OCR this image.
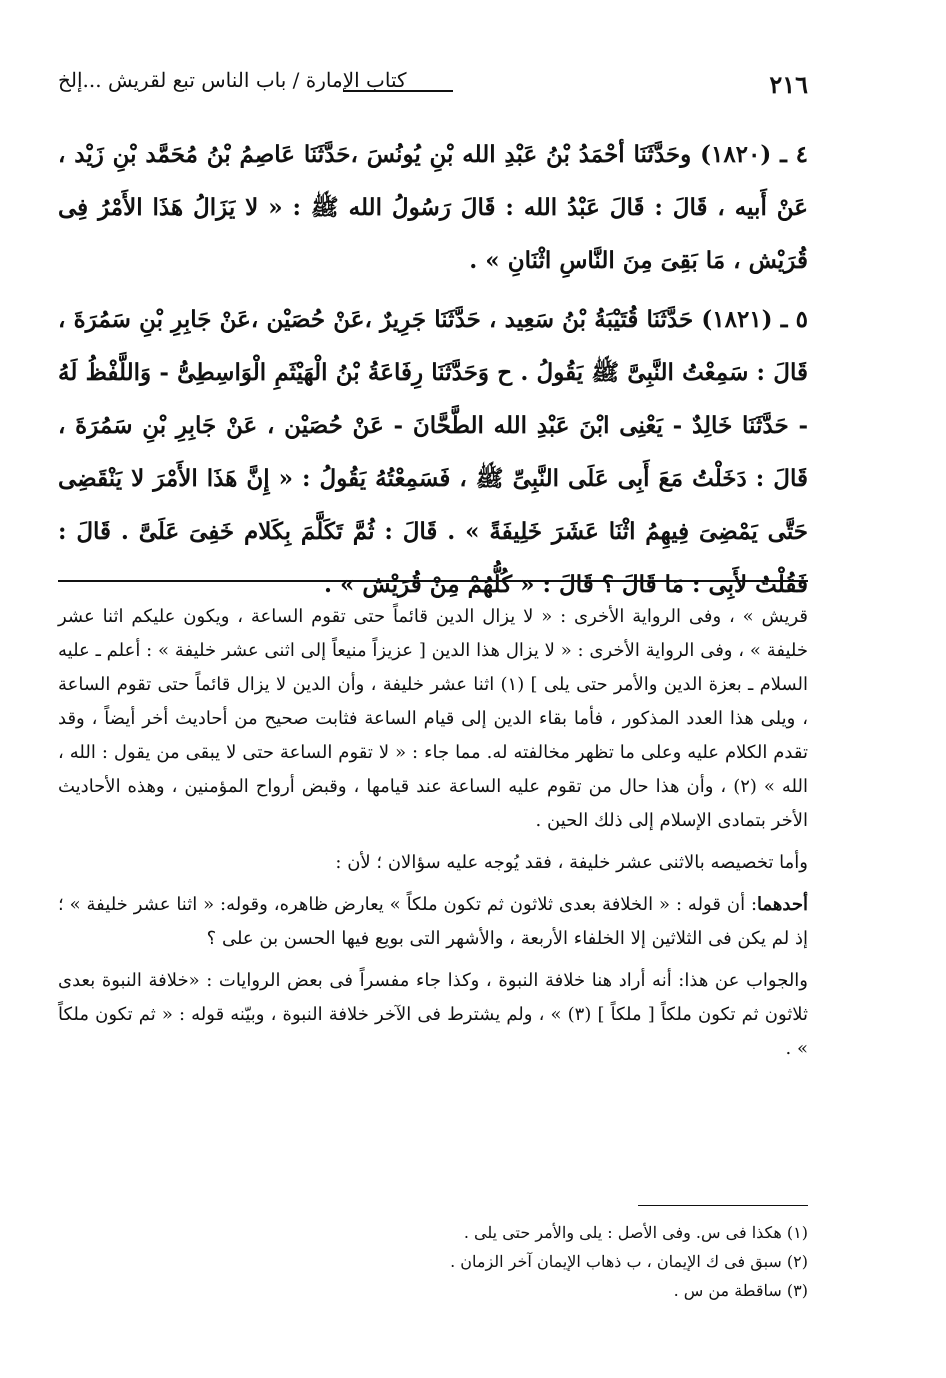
٢١٦
كتاب الإمارة / باب الناس تبع لقريش ...إلخ

٤ ـ (١٨٢٠) وحَدَّثَنَا أحْمَدُ بْنُ عَبْدِ الله بْنِ يُونُسَ ،حَدَّثَنَا عَاصِمُ بْنُ مُحَمَّد بْنِ زَيْد ، عَنْ أَبيه ، قَالَ : قَالَ عَبْدُ الله : قَالَ رَسُولُ الله ﷺ : « لا يَزَالُ هَذَا الأَمْرُ فِى قُرَيْش ، مَا بَقِىَ مِنَ النَّاسِ اثْنَانِ » .

٥ ـ (١٨٢١) حَدَّثَنَا قُتَيْبَةُ بْنُ سَعِيد ، حَدَّثَنَا جَرِيرٌ ،عَنْ حُصَيْن ،عَنْ جَابِرِ بْنِ سَمُرَةَ ، قَالَ : سَمِعْتُ النَّبِىَّ ﷺ يَقُولُ . ح وَحَدَّثَنَا رِفَاعَةُ بْنُ الْهَيْثَمِ الْوَاسِطِىُّ - وَاللَّفْظُ لَهُ - حَدَّثَنَا خَالِدٌ - يَعْنِى ابْنَ عَبْدِ الله الطَّحَّانَ - عَنْ حُصَيْن ، عَنْ جَابِرِ بْنِ سَمُرَةَ ، قَالَ : دَخَلْتُ مَعَ أَبِى عَلَى النَّبِىِّ ﷺ ، فَسَمِعْتُهُ يَقُولُ : « إِنَّ هَذَا الأَمْرَ لا يَنْقَضِى حَتَّى يَمْضِىَ فِيهِمُ اثْنَا عَشَرَ خَلِيفَةً » . قَالَ : ثُمَّ تَكَلَّمَ بِكَلام خَفِىَ عَلَىَّ . قَالَ : فَقُلْتُ لأَبِى : مَا قَالَ ؟ قَالَ : « كُلُّهُمْ مِنْ قُرَيْش » .

قريش » ، وفى الرواية الأخرى : « لا يزال الدين قائماً حتى تقوم الساعة ، ويكون عليكم اثنا عشر خليفة » ، وفى الرواية الأخرى : « لا يزال هذا الدين [ عزيزاً منيعاً إلى اثنى عشر خليفة » : أعلم ـ عليه السلام ـ بعزة الدين والأمر حتى يلى ] (١) اثنا عشر خليفة ، وأن الدين لا يزال قائماً حتى تقوم الساعة ، ويلى هذا العدد المذكور ، فأما بقاء الدين إلى قيام الساعة فثابت صحيح من أحاديث أخر أيضاً ، وقد تقدم الكلام عليه وعلى ما تظهر مخالفته له. مما جاء : « لا تقوم الساعة حتى لا يبقى من يقول : الله ، الله » (٢) ، وأن هذا حال من تقوم عليه الساعة عند قيامها ، وقبض أرواح المؤمنين ، وهذه الأحاديث الأخر بتمادى الإسلام إلى ذلك الحين .

وأما تخصيصه بالاثنى عشر خليفة ، فقد يُوجه عليه سؤالان ؛ لأن :

أحدهما: أن قوله : « الخلافة بعدى ثلاثون ثم تكون ملكاً » يعارض ظاهره، وقوله: « اثنا عشر خليفة » ؛ إذ لم يكن فى الثلاثين إلا الخلفاء الأربعة ، والأشهر التى بويع فيها الحسن بن على ؟

والجواب عن هذا: أنه أراد هنا خلافة النبوة ، وكذا جاء مفسراً فى بعض الروايات : «خلافة النبوة بعدى ثلاثون ثم تكون ملكاً [ ملكاً ] (٣) » ، ولم يشترط فى الآخر خلافة النبوة ، وبيّنه قوله : « ثم تكون ملكاً » .

(١) هكذا فى س. وفى الأصل : يلى والأمر حتى يلى .
(٢) سبق فى ك الإيمان ، ب ذهاب الإيمان آخر الزمان .
(٣) ساقطة من س .
